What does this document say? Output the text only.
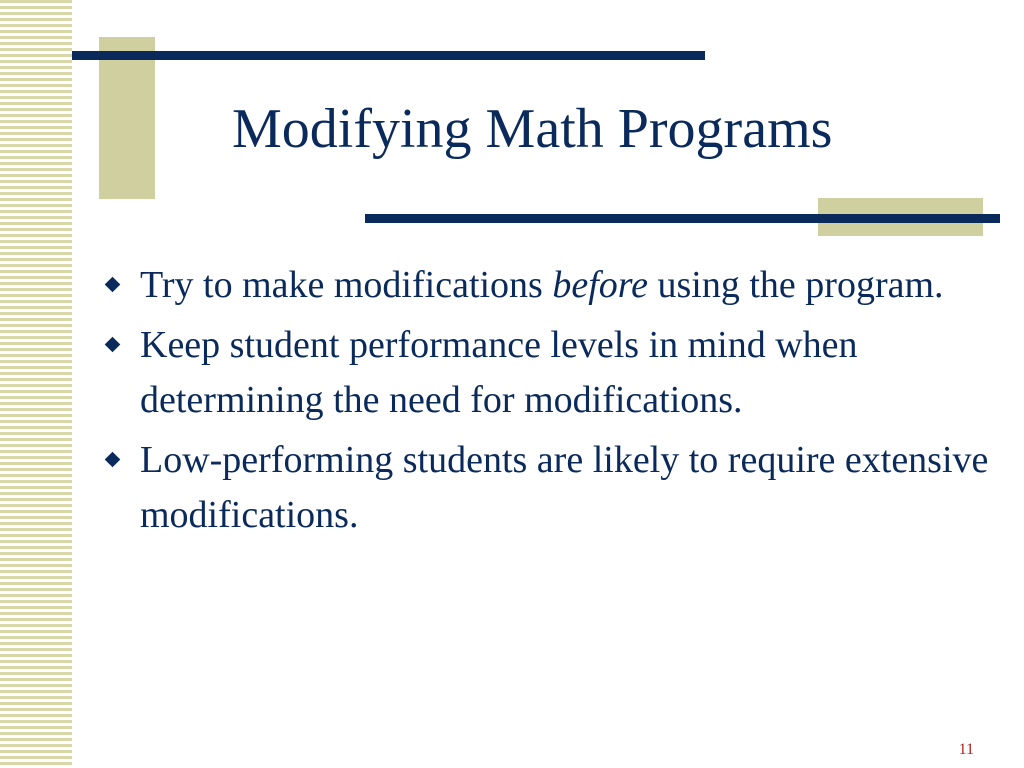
Modifying Math Programs
Try to make modifications before using the program.
Keep student performance levels in mind when determining the need for modifications.
Low-performing students are likely to require extensive modifications.
11
